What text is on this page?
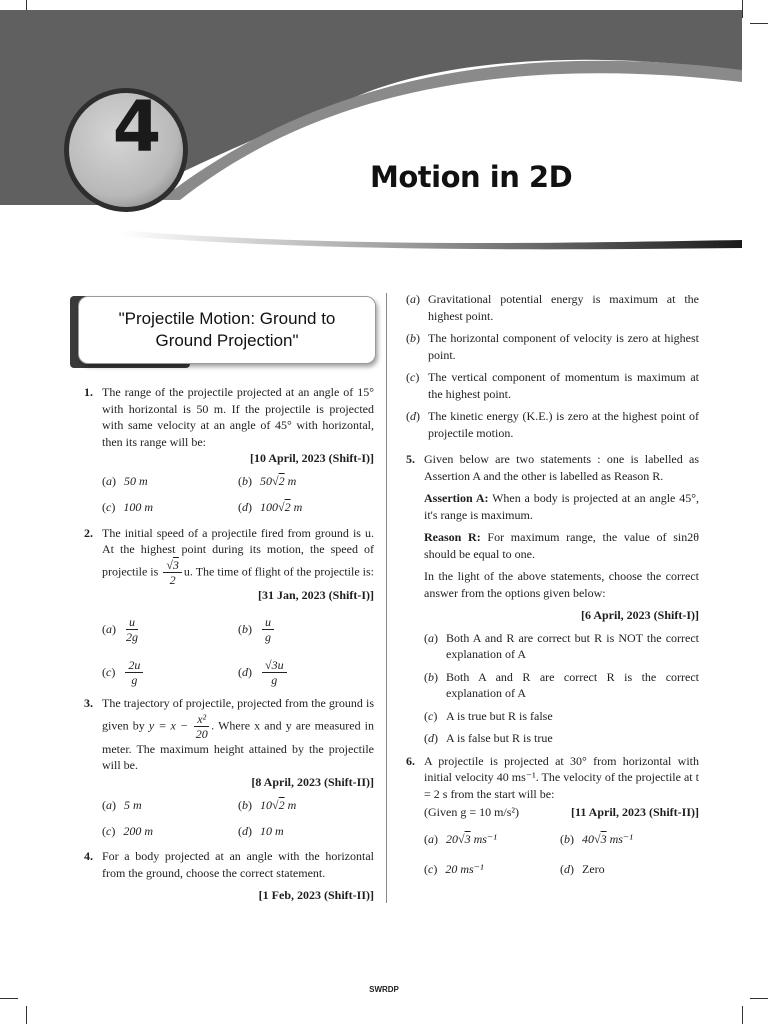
4
Motion in 2D
"Projectile Motion: Ground to
Ground Projection"
1. The range of the projectile projected at an angle of 15° with horizontal is 50 m. If the projectile is projected with same velocity at an angle of 45° with horizontal, then its range will be:
[10 April, 2023 (Shift-I)]
( a )	50 m	( b )	50√2 m
( c )	100 m	( d )	100√2 m
2. The initial speed of a projectile fired from ground is u. At the highest point during its motion, the speed of projectile is $\frac{√3}{2} u$. The time of flight of the projectile is:
[31 Jan, 2023 (Shift-I)]
( a )	$\frac{u}{2g}$	( b )	$\frac{u}{g}$
( c )	$\frac{2u}{g}$	( d )	$\frac{√3u}{g}$
3. The trajectory of projectile, projected from the ground is given by $y = x - \frac{\text{x²}}{20}$ . Where x and y are measured in meter. The maximum height attained by the projectile will be.
[8 April, 2023 (Shift-II)]
( a )	5 m	( b )	10√2 m
( c )	200 m	( d )	10 m
4. For a body projected at an angle with the horizontal from the ground, choose the correct statement.
[1 Feb, 2023 (Shift-II)]
( a )	Gravitational potential energy is maximum at the highest point.
( b )	The horizontal component of velocity is zero at highest point.
( c )	The vertical component of momentum is maximum at the highest point.
( d )	The kinetic energy (K.E.) is zero at the highest point of projectile motion.
5. Given below are two statements : one is labelled as Assertion A and the other is labelled as Reason R.
Assertion A: When a body is projected at an angle 45°, it's range is maximum.
Reason R: For maximum range, the value of sin2θ should be equal to one.
In the light of the above statements, choose the correct answer from the options given below:
[6 April, 2023 (Shift-I)]
( a )	Both A and R are correct but R is NOT the correct explanation of A
( b )	Both A and R are correct R is the correct explanation of A
( c )	A is true but R is false
( d )	A is false but R is true
6. A projectile is projected at 30° from horizontal with initial velocity 40 ms⁻¹. The velocity of the projectile at t = 2 s from the start will be:
(Given g = 10 m/s²)	[11 April, 2023 (Shift-II)]
( a )	20√3 ms⁻¹	( b )	40√3 ms⁻¹
( c )	20 ms⁻¹	( d )	Zero
SWRDP
